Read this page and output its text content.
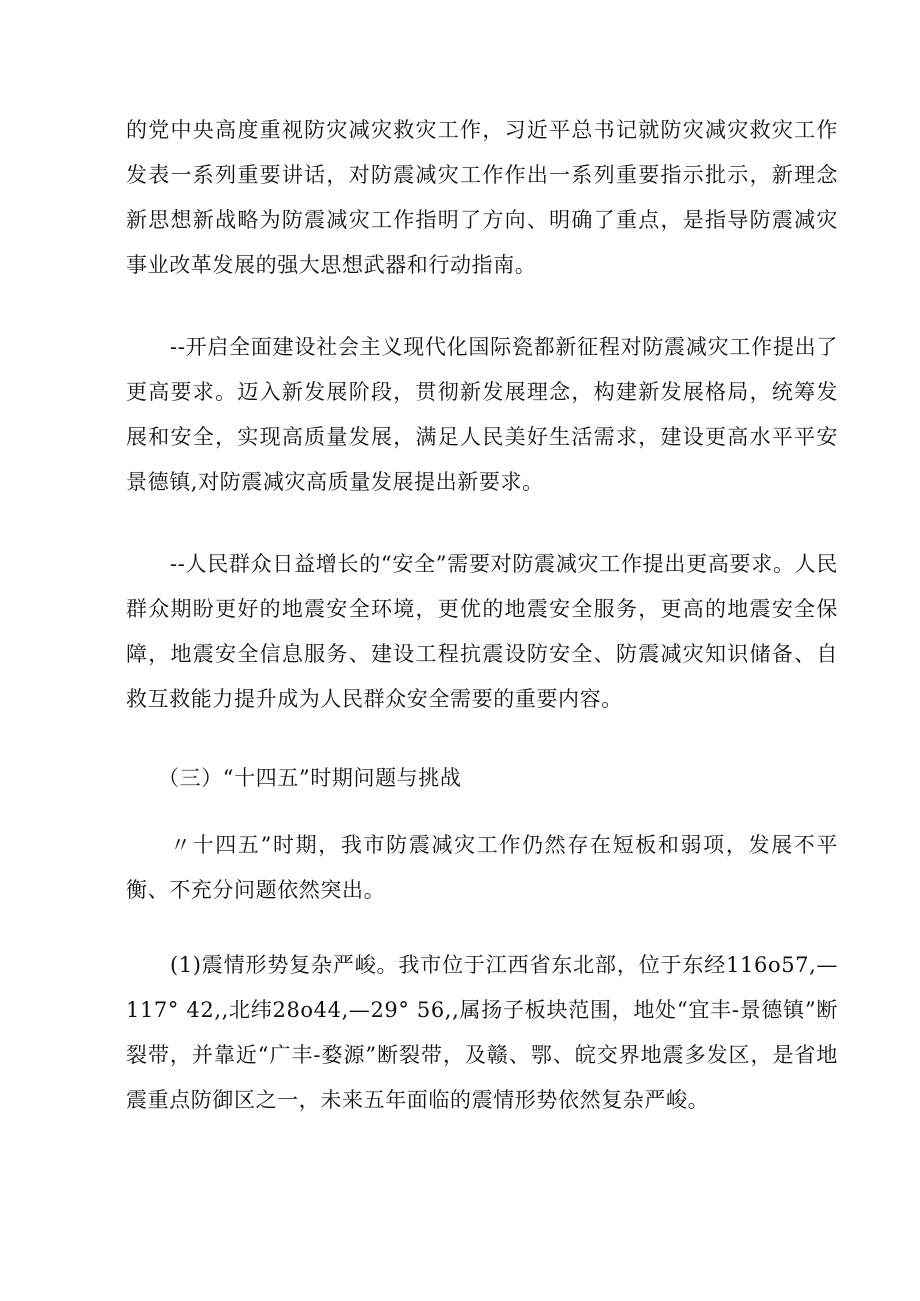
的党中央高度重视防灾减灾救灾工作，习近平总书记就防灾减灾救灾工作发表一系列重要讲话，对防震减灾工作作出一系列重要指示批示，新理念新思想新战略为防震减灾工作指明了方向、明确了重点，是指导防震减灾事业改革发展的强大思想武器和行动指南。

--开启全面建设社会主义现代化国际瓷都新征程对防震减灾工作提出了更高要求。迈入新发展阶段，贯彻新发展理念，构建新发展格局，统筹发展和安全，实现高质量发展，满足人民美好生活需求，建设更高水平平安景德镇,对防震减灾高质量发展提出新要求。

--人民群众日益增长的“安全”需要对防震减灾工作提出更高要求。人民群众期盼更好的地震安全环境，更优的地震安全服务，更高的地震安全保障，地震安全信息服务、建设工程抗震设防安全、防震减灾知识储备、自救互救能力提升成为人民群众安全需要的重要内容。

（三）“十四五”时期问题与挑战

〃十四五”时期，我市防震减灾工作仍然存在短板和弱项，发展不平衡、不充分问题依然突出。

(1)震情形势复杂严峻。我市位于江西省东北部，位于东经116o57,—117° 42,,北纬28o44,—29° 56,,属扬子板块范围，地处“宜丰-景德镇”断裂带，并靠近“广丰-婺源”断裂带，及赣、鄂、皖交界地震多发区，是省地震重点防御区之一，未来五年面临的震情形势依然复杂严峻。
